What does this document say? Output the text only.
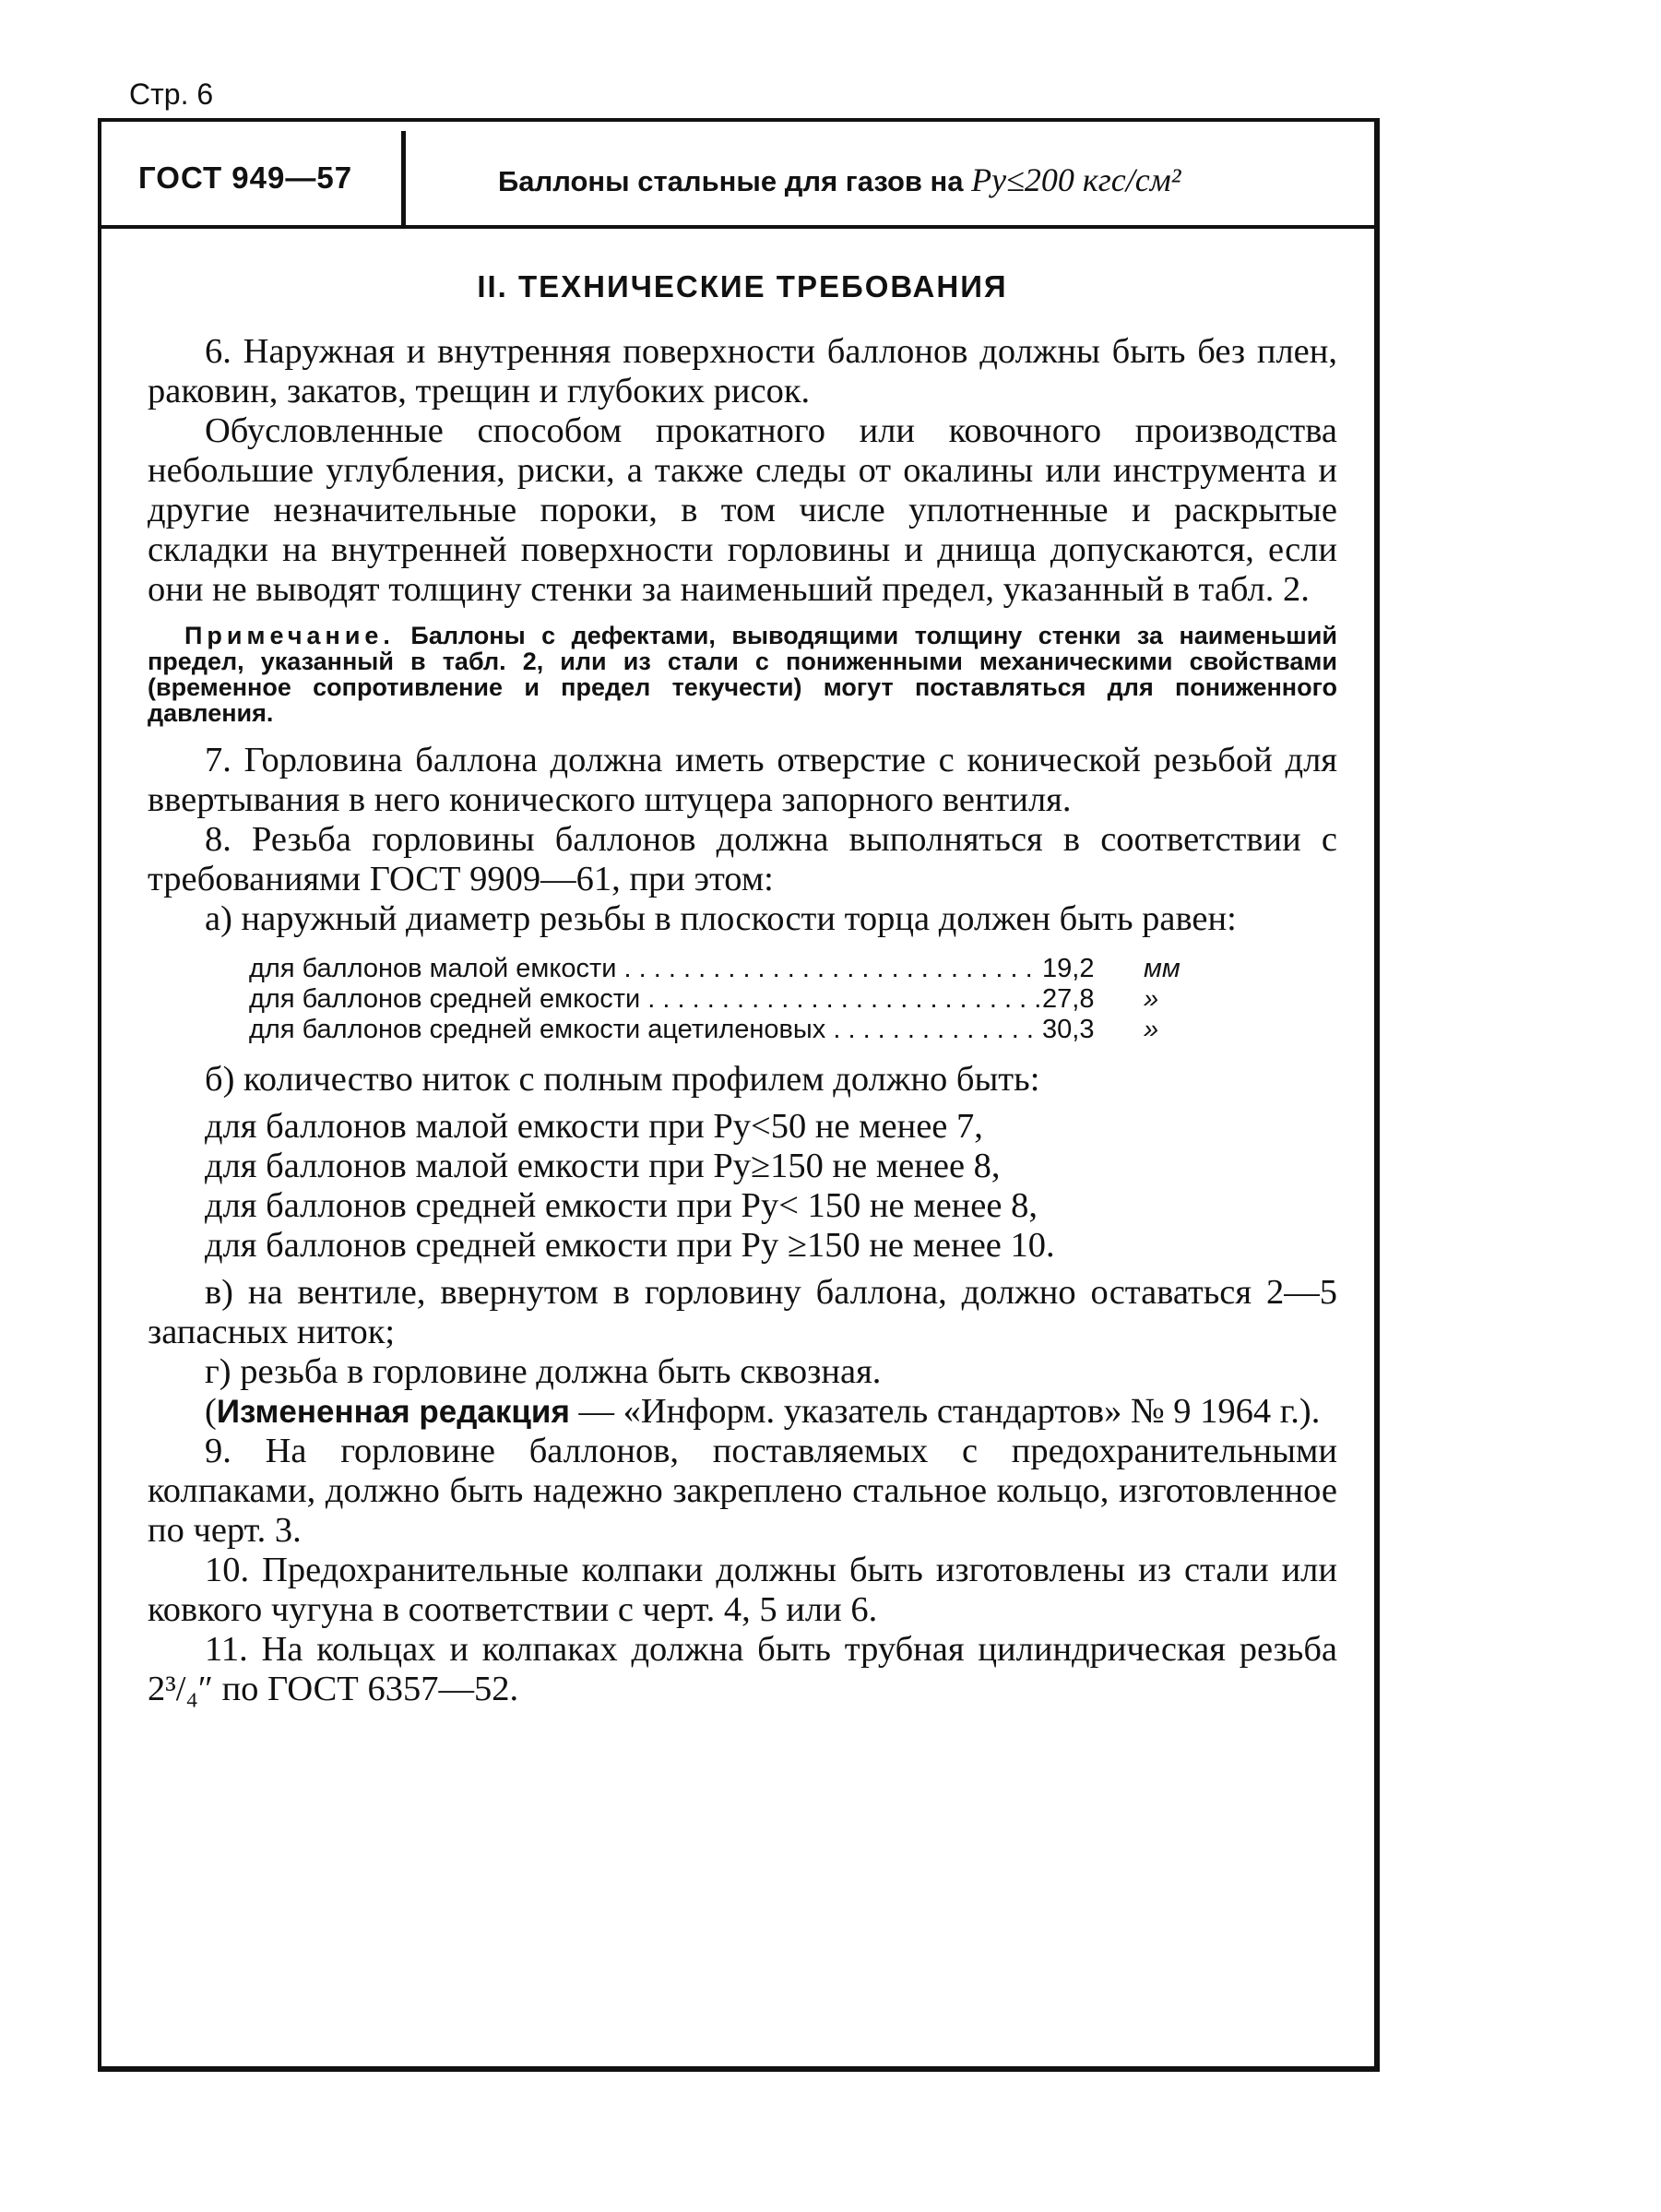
Стр. 6
ГОСТ 949—57	Баллоны стальные для газов на Pу≤200 кгс/см²
II. ТЕХНИЧЕСКИЕ ТРЕБОВАНИЯ

6. Наружная и внутренняя поверхности баллонов должны быть без плен, раковин, закатов, трещин и глубоких рисок.

Обусловленные способом прокатного или ковочного производства небольшие углубления, риски, а также следы от окалины или инструмента и другие незначительные пороки, в том числе уплотненные и раскрытые складки на внутренней поверхности горловины и днища допускаются, если они не выводят толщину стенки за наименьший предел, указанный в табл. 2.

Примечание. Баллоны с дефектами, выводящими толщину стенки за наименьший предел, указанный в табл. 2, или из стали с пониженными механическими свойствами (временное сопротивление и предел текучести) могут поставляться для пониженного давления.

7. Горловина баллона должна иметь отверстие с конической резьбой для ввертывания в него конического штуцера запорного вентиля.

8. Резьба горловины баллонов должна выполняться в соответствии с требованиями ГОСТ 9909—61, при этом:

а) наружный диаметр резьбы в плоскости торца должен быть равен:

для баллонов малой емкости . . .	19,2	мм
для баллонов средней емкости . . .	27,8	»
для баллонов средней емкости ацетиленовых . . .	30,3	»

б) количество ниток с полным профилем должно быть:

для баллонов малой емкости при Pу<50 не менее 7,
для баллонов малой емкости при Pу≥150 не менее 8,
для баллонов средней емкости при Pу< 150 не менее 8,
для баллонов средней емкости при Pу ≥150 не менее 10.

в) на вентиле, ввернутом в горловину баллона, должно оставаться 2—5 запасных ниток;

г) резьба в горловине должна быть сквозная.

(Измененная редакция — «Информ. указатель стандартов» № 9 1964 г.).

9. На горловине баллонов, поставляемых с предохранительными колпаками, должно быть надежно закреплено стальное кольцо, изготовленное по черт. 3.

10. Предохранительные колпаки должны быть изготовлены из стали или ковкого чугуна в соответствии с черт. 4, 5 или 6.

11. На кольцах и колпаках должна быть трубная цилиндрическая резьба 2³/₄″ по ГОСТ 6357—52.
